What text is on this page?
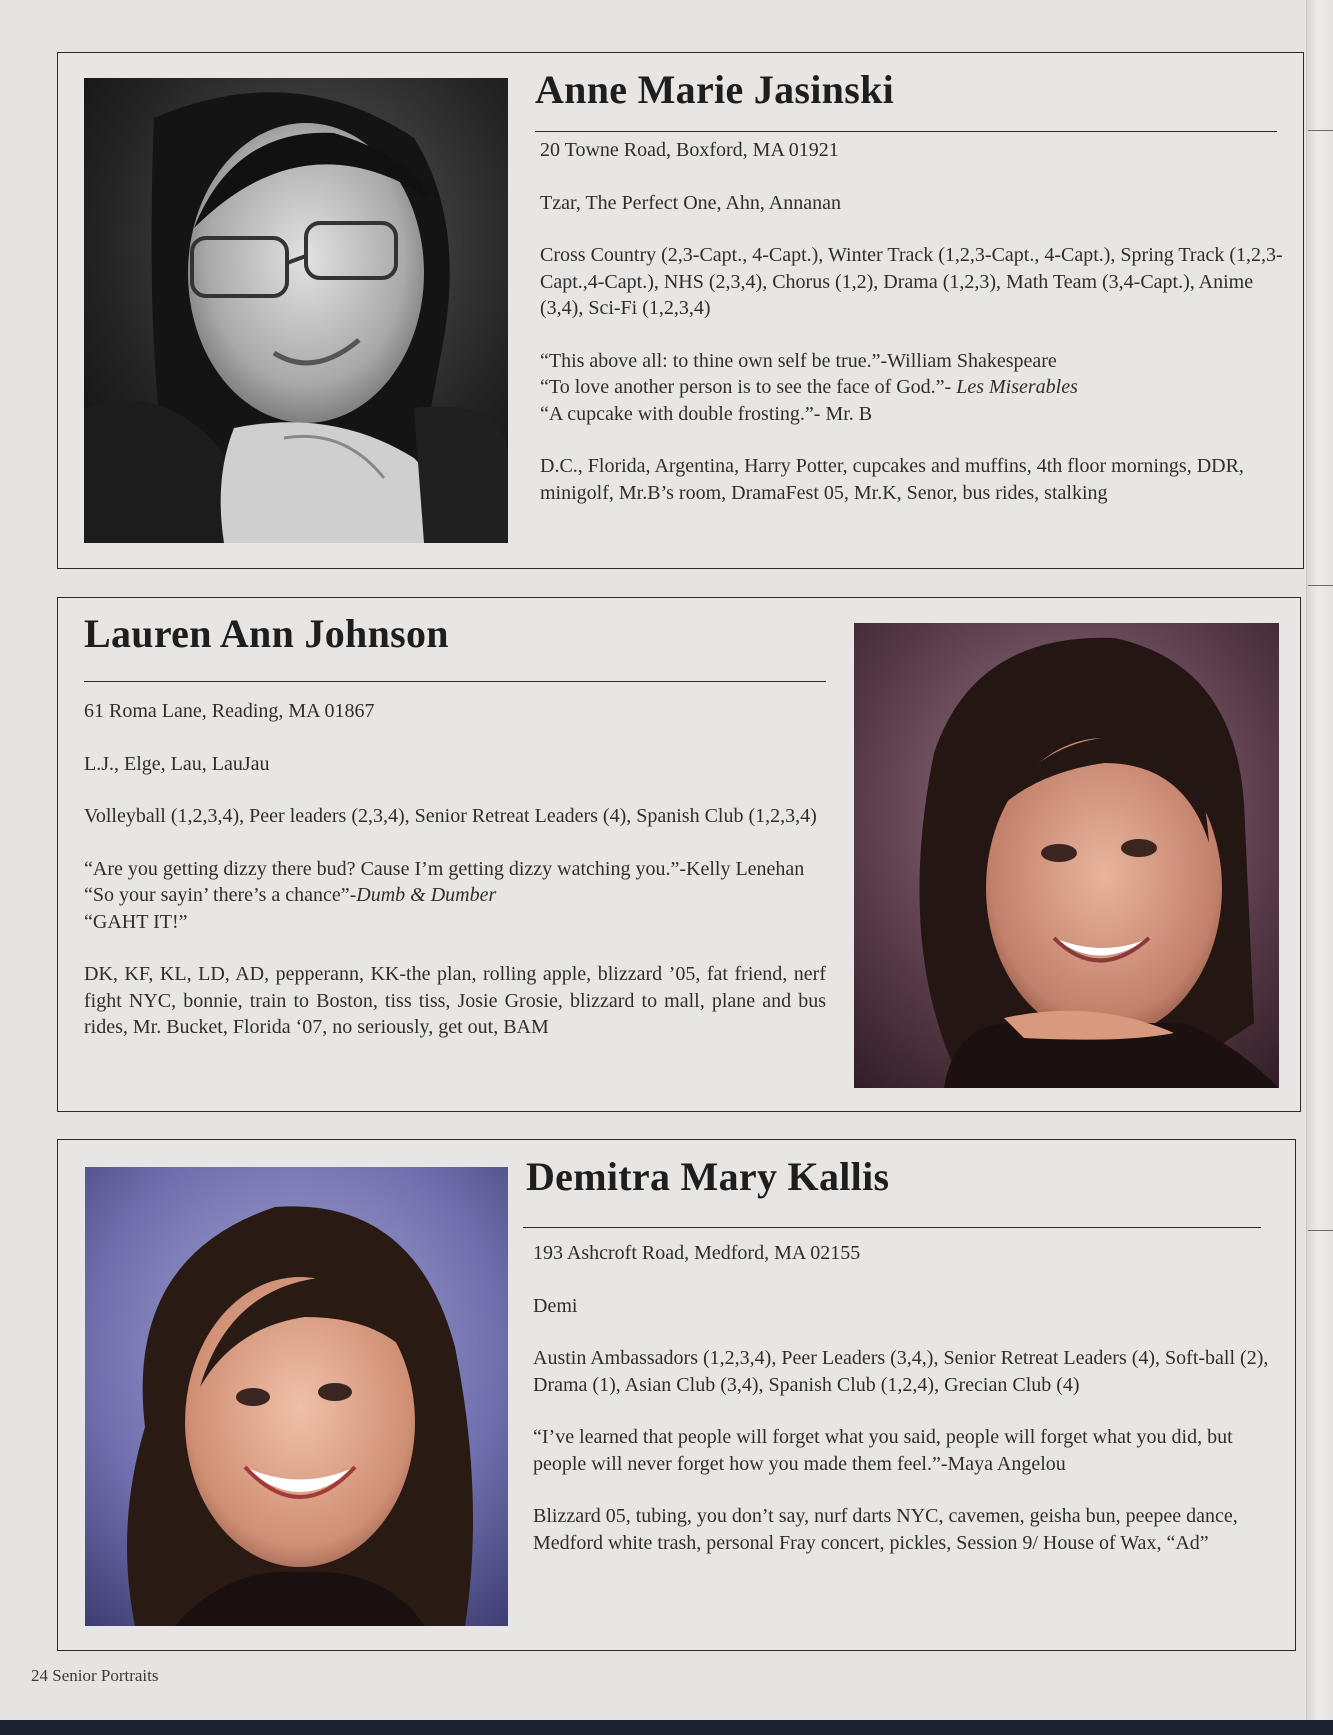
Anne Marie Jasinski

20 Towne Road, Boxford, MA 01921

Tzar, The Perfect One, Ahn, Annanan

Cross Country (2,3-Capt., 4-Capt.), Winter Track (1,2,3-Capt., 4-Capt.), Spring Track (1,2,3-Capt.,4-Capt.), NHS (2,3,4), Chorus (1,2), Drama (1,2,3), Math Team (3,4-Capt.), Anime (3,4), Sci-Fi (1,2,3,4)

“This above all: to thine own self be true.”-William Shakespeare
“To love another person is to see the face of God.”- Les Miserables
“A cupcake with double frosting.”- Mr. B

D.C., Florida, Argentina, Harry Potter, cupcakes and muffins, 4th floor mornings, DDR, minigolf, Mr.B’s room, DramaFest 05, Mr.K, Senor, bus rides, stalking

Lauren Ann Johnson

61 Roma Lane, Reading, MA 01867

L.J., Elge, Lau, LauJau

Volleyball (1,2,3,4), Peer leaders (2,3,4), Senior Retreat Leaders (4), Spanish Club (1,2,3,4)

“Are you getting dizzy there bud? Cause I’m getting dizzy watching you.”-Kelly Lenehan
“So your sayin’ there’s a chance”-Dumb & Dumber
“GAHT IT!”

DK, KF, KL, LD, AD, pepperann, KK-the plan, rolling apple, blizzard ’05, fat friend, nerf fight NYC, bonnie, train to Boston, tiss tiss, Josie Grosie, blizzard to mall, plane and bus rides, Mr. Bucket, Florida ‘07, no seriously, get out, BAM

Demitra Mary Kallis

193 Ashcroft Road, Medford, MA 02155

Demi

Austin Ambassadors (1,2,3,4), Peer Leaders (3,4,), Senior Retreat Leaders (4), Soft-ball (2), Drama (1), Asian Club (3,4), Spanish Club (1,2,4), Grecian Club (4)

“I’ve learned that people will forget what you said, people will forget what you did, but people will never forget how you made them feel.”-Maya Angelou

Blizzard 05, tubing, you don’t say, nurf darts NYC, cavemen, geisha bun, peepee dance, Medford white trash, personal Fray concert, pickles, Session 9/ House of Wax, “Ad”

24 Senior Portraits
